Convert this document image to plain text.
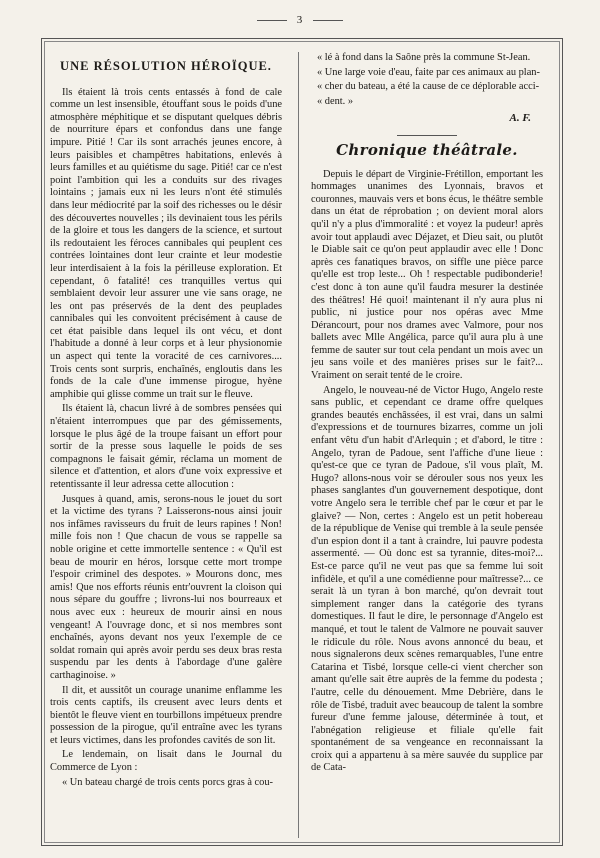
3
UNE RÉSOLUTION HÉROÏQUE.

Ils étaient là trois cents entassés à fond de cale comme un lest insensible, étouffant sous le poids d'une atmosphère méphitique et se disputant quelques débris de nourriture épars et confondus dans une fange impure. Pitié ! Car ils sont arrachés jeunes encore, à leurs paisibles et champêtres habitations, enlevés à leurs familles et au quiétisme du sage. Pitié! car ce n'est point l'ambition qui les a conduits sur des rivages lointains ; jamais eux ni les leurs n'ont été stimulés dans leur médiocrité par la soif des richesses ou le désir des découvertes nouvelles ; ils devinaient tous les périls de la gloire et tous les dangers de la science, et surtout ils redoutaient les féroces cannibales qui peuplent ces contrées lointaines dont leur crainte et leur modestie leur interdisaient à la fois la périlleuse exploration. Et cependant, ô fatalité! ces tranquilles vertus qui semblaient devoir leur assurer une vie sans orage, ne les ont pas préservés de la dent des peuplades cannibales qui les convoitent précisément à cause de cet état paisible dans lequel ils ont vécu, et dont l'habitude a donné à leur corps et à leur physionomie un aspect qui tente la voracité de ces carnivores.... Trois cents sont surpris, enchaînés, engloutis dans les fonds de la cale d'une immense pirogue, hyène amphibie qui glisse comme un trait sur le fleuve.

Ils étaient là, chacun livré à de sombres pensées qui n'étaient interrompues que par des gémissements, lorsque le plus âgé de la troupe faisant un effort pour sortir de la presse sous laquelle le poids de ses compagnons le faisait gémir, réclama un moment de silence et d'attention, et alors d'une voix expressive et retentissante il leur adressa cette allocution :

Jusques à quand, amis, serons-nous le jouet du sort et la victime des tyrans ? Laisserons-nous ainsi jouir nos infâmes ravisseurs du fruit de leurs rapines ! Non! mille fois non ! Que chacun de vous se rappelle sa noble origine et cette immortelle sentence : « Qu'il est beau de mourir en héros, lorsque cette mort trompe l'espoir criminel des despotes. » Mourons donc, mes amis! Que nos efforts réunis entr'ouvrent la cloison qui nous sépare du gouffre ; livrons-lui nos bourreaux et nous avec eux : heureux de mourir ainsi en nous vengeant! A l'ouvrage donc, et si nos membres sont enchaînés, ayons devant nos yeux l'exemple de ce soldat romain qui après avoir perdu ses deux bras resta suspendu par les dents à l'abordage d'une galère carthaginoise. »

Il dit, et aussitôt un courage unanime enflamme les trois cents captifs, ils creusent avec leurs dents et bientôt le fleuve vient en tourbillons impétueux prendre possession de la pirogue, qu'il entraîne avec les tyrans et leurs victimes, dans les profondes cavités de son lit.

Le lendemain, on lisait dans le Journal du Commerce de Lyon :

« Un bateau chargé de trois cents porcs gras à cou-

« lé à fond dans la Saône près la commune St-Jean.

« Une large voie d'eau, faite par ces animaux au plan-

« cher du bateau, a été la cause de ce déplorable acci-

« dent. »

A. F.
Chronique théâtrale.

Depuis le départ de Virginie-Frétillon, emportant les hommages unanimes des Lyonnais, bravos et couronnes, mauvais vers et bons écus, le théâtre semble dans un état de réprobation ; on devient moral alors qu'il n'y a plus d'immoralité : et voyez la pudeur! après avoir tout applaudi avec Déjazet, et Dieu sait, ou plutôt le Diable sait ce qu'on peut applaudir avec elle ! Donc après ces fanatiques bravos, on siffle une pièce parce qu'elle est trop leste... Oh ! respectable pudibonderie! c'est donc à ton aune qu'il faudra mesurer la destinée des théâtres! Hé quoi! maintenant il n'y aura plus ni public, ni justice pour nos opéras avec Mme Dérancourt, pour nos drames avec Valmore, pour nos ballets avec Mlle Angélica, parce qu'il aura plu à une femme de sauter sur tout cela pendant un mois avec un jeu sans voile et des manières prises sur le fait?... Vraiment on serait tenté de le croire.

Angelo, le nouveau-né de Victor Hugo, Angelo reste sans public, et cependant ce drame offre quelques grandes beautés enchâssées, il est vrai, dans un salmi d'expressions et de tournures bizarres, comme un joli enfant vêtu d'un habit d'Arlequin ; et d'abord, le titre : Angelo, tyran de Padoue, sent l'affiche d'une lieue : qu'est-ce que ce tyran de Padoue, s'il vous plaît, M. Hugo? allons-nous voir se dérouler sous nos yeux les phases sanglantes d'un gouvernement despotique, dont votre Angelo sera le terrible chef par le cœur et par le glaive? — Non, certes : Angelo est un petit hobereau de la république de Venise qui tremble à la seule pensée d'un espion dont il a tant à craindre, lui pauvre podesta assermenté. — Où donc est sa tyrannie, dites-moi?... Est-ce parce qu'il ne veut pas que sa femme lui soit infidèle, et qu'il a une comédienne pour maîtresse?... ce serait là un tyran à bon marché, qu'on devrait tout simplement ranger dans la catégorie des tyrans domestiques. Il faut le dire, le personnage d'Angelo est manqué, et tout le talent de Valmore ne pouvait sauver le ridicule du rôle. Nous avons annoncé du beau, et nous signalerons deux scènes remarquables, l'une entre Catarina et Tisbé, lorsque celle-ci vient chercher son amant qu'elle sait être auprès de la femme du podesta ; l'autre, celle du dénouement. Mme Debrière, dans le rôle de Tisbé, traduit avec beaucoup de talent la sombre fureur d'une femme jalouse, déterminée à tout, et l'abnégation religieuse et filiale qu'elle fait spontanément de sa vengeance en reconnaissant la croix qui a appartenu à sa mère sauvée du supplice par de Cata-
